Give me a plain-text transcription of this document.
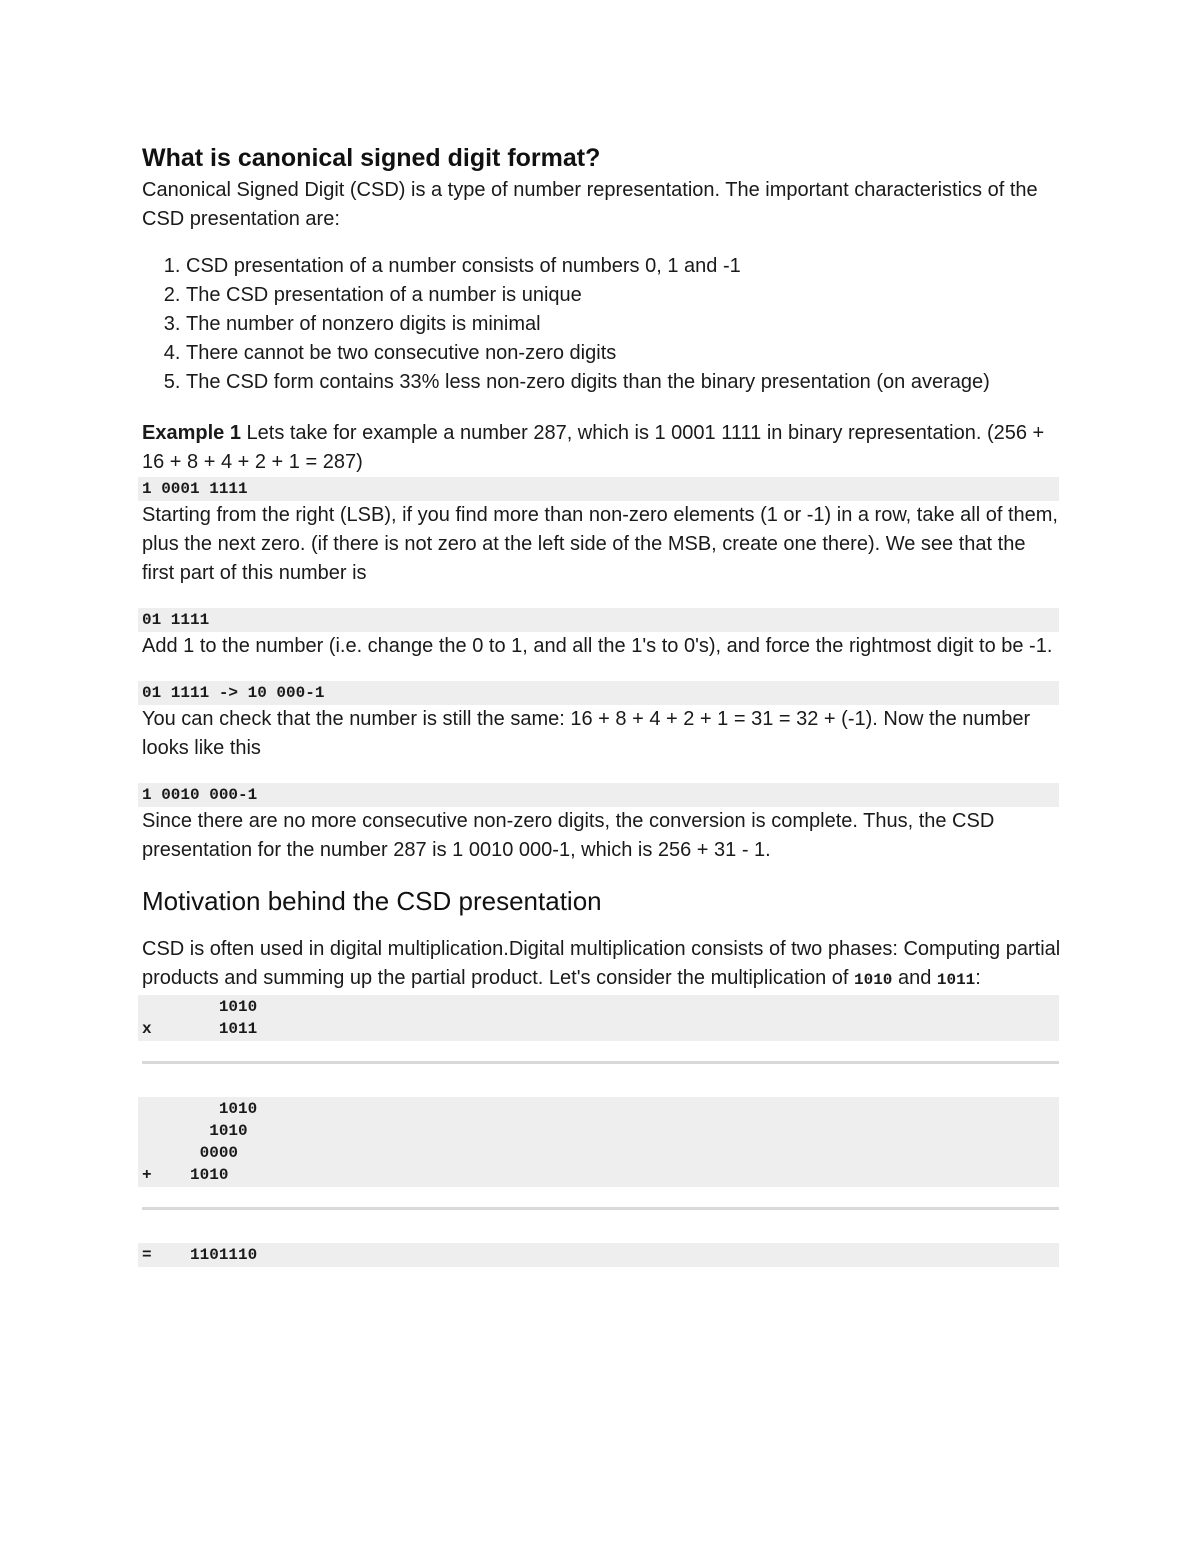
What is canonical signed digit format?

Canonical Signed Digit (CSD) is a type of number representation. The important characteristics of the CSD presentation are:

1. CSD presentation of a number consists of numbers 0, 1 and -1
2. The CSD presentation of a number is unique
3. The number of nonzero digits is minimal
4. There cannot be two consecutive non-zero digits
5. The CSD form contains 33% less non-zero digits than the binary presentation (on average)

Example 1 Lets take for example a number 287, which is 1 0001 1111 in binary representation. (256 + 16 + 8 + 4 + 2 + 1 = 287)

1 0001 1111

Starting from the right (LSB), if you find more than non-zero elements (1 or -1) in a row, take all of them, plus the next zero. (if there is not zero at the left side of the MSB, create one there). We see that the first part of this number is

01 1111

Add 1 to the number (i.e. change the 0 to 1, and all the 1's to 0's), and force the rightmost digit to be -1.

01 1111 -> 10 000-1

You can check that the number is still the same: 16 + 8 + 4 + 2 + 1 = 31 = 32 + (-1). Now the number looks like this

1 0010 000-1

Since there are no more consecutive non-zero digits, the conversion is complete. Thus, the CSD presentation for the number 287 is 1 0010 000-1, which is 256 + 31 - 1.

Motivation behind the CSD presentation

CSD is often used in digital multiplication.Digital multiplication consists of two phases: Computing partial products and summing up the partial product. Let's consider the multiplication of 1010 and 1011:

1010
x       1011
1010
1010
0000
+    1010
=    1101110
